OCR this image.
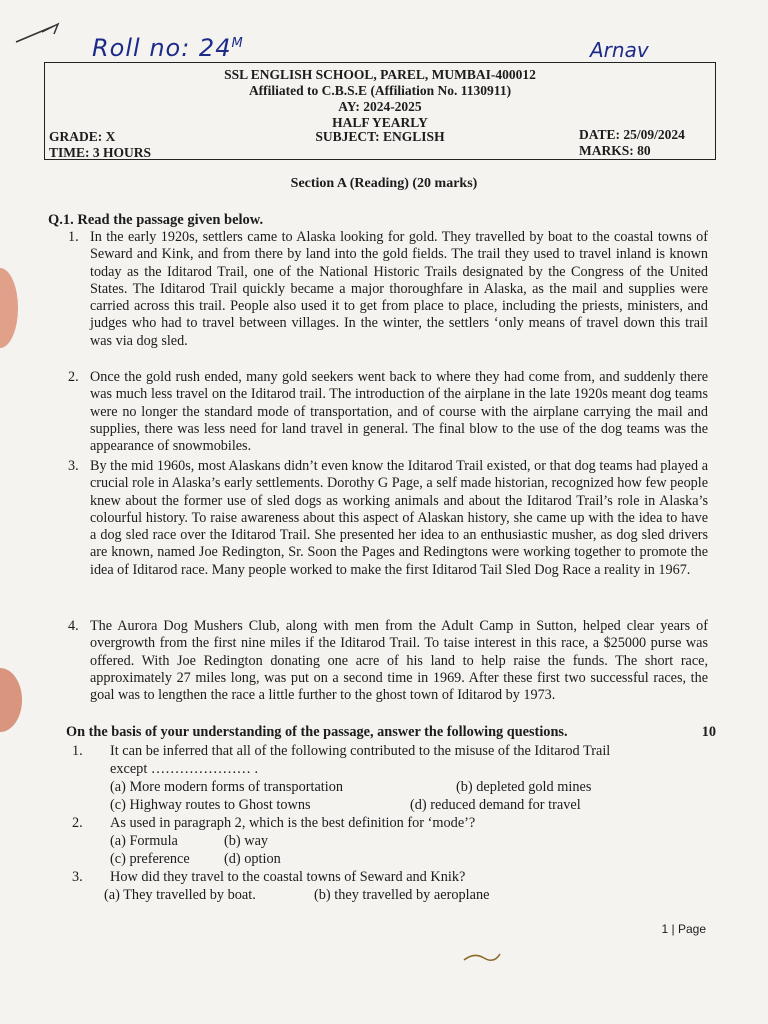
Roll no: $24^M$	Arnav
SSL ENGLISH SCHOOL, PAREL, MUMBAI-400012
Affiliated to C.B.S.E (Affiliation No. 1130911)
AY: 2024-2025
HALF YEARLY
SUBJECT: ENGLISH
GRADE: X
TIME: 3 HOURS
DATE: 25/09/2024
MARKS: 80
Section A (Reading) (20 marks)
Q.1. Read the passage given below.
1. In the early 1920s, settlers came to Alaska looking for gold. They travelled by boat to the coastal towns of Seward and Kink, and from there by land into the gold fields. The trail they used to travel inland is known today as the Iditarod Trail, one of the National Historic Trails designated by the Congress of the United States. The Iditarod Trail quickly became a major thoroughfare in Alaska, as the mail and supplies were carried across this trail. People also used it to get from place to place, including the priests, ministers, and judges who had to travel between villages. In the winter, the settlers ‘only means of travel down this trail was via dog sled.
2. Once the gold rush ended, many gold seekers went back to where they had come from, and suddenly there was much less travel on the Iditarod trail. The introduction of the airplane in the late 1920s meant dog teams were no longer the standard mode of transportation, and of course with the airplane carrying the mail and supplies, there was less need for land travel in general. The final blow to the use of the dog teams was the appearance of snowmobiles.
3. By the mid 1960s, most Alaskans didn’t even know the Iditarod Trail existed, or that dog teams had played a crucial role in Alaska’s early settlements. Dorothy G Page, a self made historian, recognized how few people knew about the former use of sled dogs as working animals and about the Iditarod Trail’s role in Alaska’s colourful history. To raise awareness about this aspect of Alaskan history, she came up with the idea to have a dog sled race over the Iditarod Trail. She presented her idea to an enthusiastic musher, as dog sled drivers are known, named Joe Redington, Sr. Soon the Pages and Redingtons were working together to promote the idea of Iditarod race. Many people worked to make the first Iditarod Tail Sled Dog Race a reality in 1967.
4. The Aurora Dog Mushers Club, along with men from the Adult Camp in Sutton, helped clear years of overgrowth from the first nine miles if the Iditarod Trail. To taise interest in this race, a $25000 purse was offered. With Joe Redington donating one acre of his land to help raise the funds. The short race, approximately 27 miles long, was put on a second time in 1969. After these first two successful races, the goal was to lengthen the race a little further to the ghost town of Iditarod by 1973.
On the basis of your understanding of the passage, answer the following questions.	10
1. It can be inferred that all of the following contributed to the misuse of the Iditarod Trail
except ………………… .
(a) More modern forms of transportation	(b) depleted gold mines
(c) Highway routes to Ghost towns	(d) reduced demand for travel
2. As used in paragraph 2, which is the best definition for ‘mode’?
(a) Formula	(b) way
(c) preference (d) option
3. How did they travel to the coastal towns of Seward and Knik?
(a) They travelled by boat.	(b) they travelled by aeroplane
1 | Page
